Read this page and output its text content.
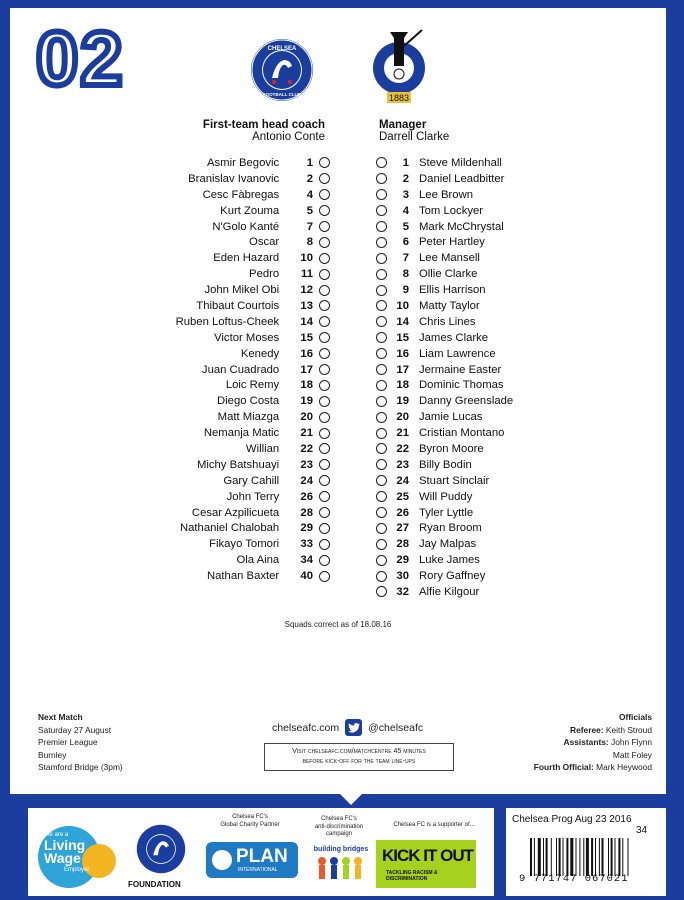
02	CHELSEA
FOOTBALL CLUB	1883
First-team head coach
Antonio Conte
Manager
Darrell Clarke
Asmir Begovic	1
Branislav Ivanovic	2
Cesc Fàbregas	4
Kurt Zouma	5
N'Golo Kanté	7
Oscar	8
Eden Hazard	10
Pedro	11
John Mikel Obi	12
Thibaut Courtois	13
Ruben Loftus-Cheek	14
Victor Moses	15
Kenedy	16
Juan Cuadrado	17
Loic Remy	18
Diego Costa	19
Matt Miazga	20
Nemanja Matic	21
Willian	22
Michy Batshuayi	23
Gary Cahill	24
John Terry	26
Cesar Azpilicueta	28
Nathaniel Chalobah	29
Fikayo Tomori	33
Ola Aina	34
Nathan Baxter	40
1 Steve Mildenhall
2 Daniel Leadbitter
3 Lee Brown
4 Tom Lockyer
5 Mark McChrystal
6 Peter Hartley
7 Lee Mansell
8 Ollie Clarke
9 Ellis Harrison
10 Matty Taylor
14 Chris Lines
15 James Clarke
16 Liam Lawrence
17 Jermaine Easter
18 Dominic Thomas
19 Danny Greenslade
20 Jamie Lucas
21 Cristian Montano
22 Byron Moore
23 Billy Bodin
24 Stuart Sinclair
25 Will Puddy
26 Tyler Lyttle
27 Ryan Broom
28 Jay Malpas
29 Luke James
30 Rory Gaffney
32 Alfie Kilgour
Squads correct as of 18.08.16
Next Match
Saturday 27 August
Premier League
Burnley
Stamford Bridge (3pm)
chelseafc.com	@chelseafc
Visit chelseafc.com/matchcentre 45 minutes
before kick-off for the team line-ups
Officials
Referee: Keith Stroud
Assistants: John Flynn
Matt Foley
Fourth Official: Mark Heywood
We are a
Living
Wage
Employer
FOUNDATION
Chelsea FC's
Global Charity Partner
PLAN
INTERNATIONAL
Chelsea FC's
anti-discrimination
campaign
building bridges
Chelsea FC is a supporter of...
KICK IT OUT
TACKLING RACISM & DISCRIMINATION
Chelsea Prog Aug 23 2016
34
9 771747 067021
